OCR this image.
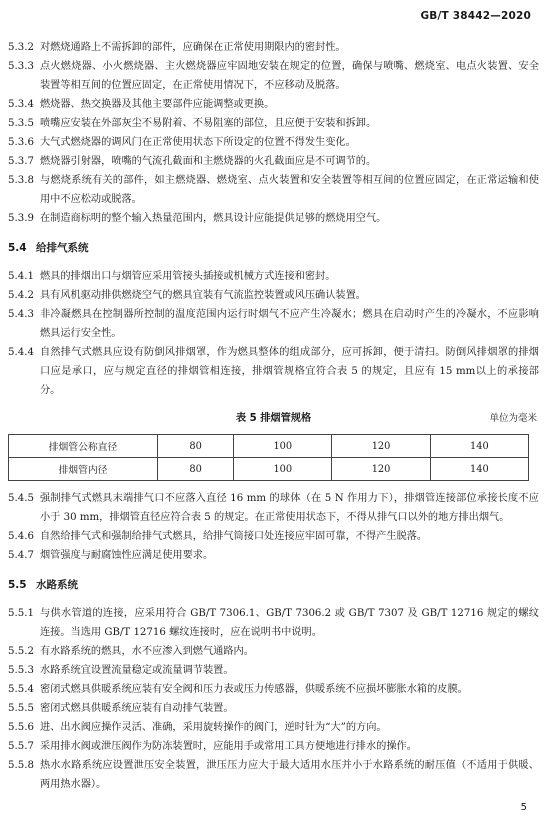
GB/T 38442—2020
5.3.2 对燃烧通路上不需拆卸的部件，应确保在正常使用期限内的密封性。
5.3.3 点火燃烧器、小火燃烧器、主火燃烧器应牢固地安装在规定的位置，确保与喷嘴、燃烧室、电点火装置、安全装置等相互间的位置应固定，在正常使用情况下，不应移动及脱落。
5.3.4 燃烧器、热交换器及其他主要部件应能调整或更换。
5.3.5 喷嘴应安装在外部灰尘不易附着、不易阻塞的部位，且应便于安装和拆卸。
5.3.6 大气式燃烧器的调风门在正常使用状态下所设定的位置不得发生变化。
5.3.7 燃烧器引射器，喷嘴的气流孔截面和主燃烧器的火孔截面应是不可调节的。
5.3.8 与燃烧系统有关的部件，如主燃烧器、燃烧室、点火装置和安全装置等相互间的位置应固定，在正常运输和使用中不应松动或脱落。
5.3.9 在制造商标明的整个输入热量范围内，燃具设计应能提供足够的燃烧用空气。
5.4 给排气系统
5.4.1 燃具的排烟出口与烟管应采用管接头插接或机械方式连接和密封。
5.4.2 具有风机驱动排供燃烧空气的燃具宜装有气流监控装置或风压确认装置。
5.4.3 非冷凝燃具在控制器所控制的温度范围内运行时烟气不应产生冷凝水；燃具在启动时产生的冷凝水，不应影响燃具运行安全性。
5.4.4 自然排气式燃具应设有防倒风排烟罩，作为燃具整体的组成部分，应可拆卸，便于清扫。防倒风排烟罩的排烟口应是承口，应与规定直径的排烟管相连接，排烟管规格宜符合表 5 的规定，且应有 15 mm以上的承接部分。
表 5 排烟管规格	单位为毫米
排烟管公称直径	80	100	120	140
排烟管内径	80	100	120	140
5.4.5 强制排气式燃具末端排气口不应落入直径 16 mm 的球体（在 5 N 作用力下），排烟管连接部位承接长度不应小于 30 mm，排烟管直径应符合表 5 的规定。在正常使用状态下，不得从排气口以外的地方排出烟气。
5.4.6 自然给排气式和强制给排气式燃具，给排气筒接口处连接应牢固可靠，不得产生脱落。
5.4.7 烟管强度与耐腐蚀性应满足使用要求。
5.5 水路系统
5.5.1 与供水管道的连接，应采用符合 GB/T 7306.1、GB/T 7306.2 或 GB/T 7307 及 GB/T 12716 规定的螺纹连接。当选用 GB/T 12716 螺纹连接时，应在说明书中说明。
5.5.2 有水路系统的燃具，水不应渗入到燃气通路内。
5.5.3 水路系统宜设置流量稳定或流量调节装置。
5.5.4 密闭式燃具供暖系统应装有安全阀和压力表或压力传感器，供暖系统不应损坏膨胀水箱的皮膜。
5.5.5 密闭式燃具供暖系统应装有自动排气装置。
5.5.6 进、出水阀应操作灵活、准确，采用旋转操作的阀门，逆时针为“大”的方向。
5.5.7 采用排水阀或泄压阀作为防冻装置时，应能用手或常用工具方便地进行排水的操作。
5.5.8 热水水路系统应设置泄压安全装置，泄压压力应大于最大适用水压并小于水路系统的耐压值（不适用于供暖、两用热水器）。
5
